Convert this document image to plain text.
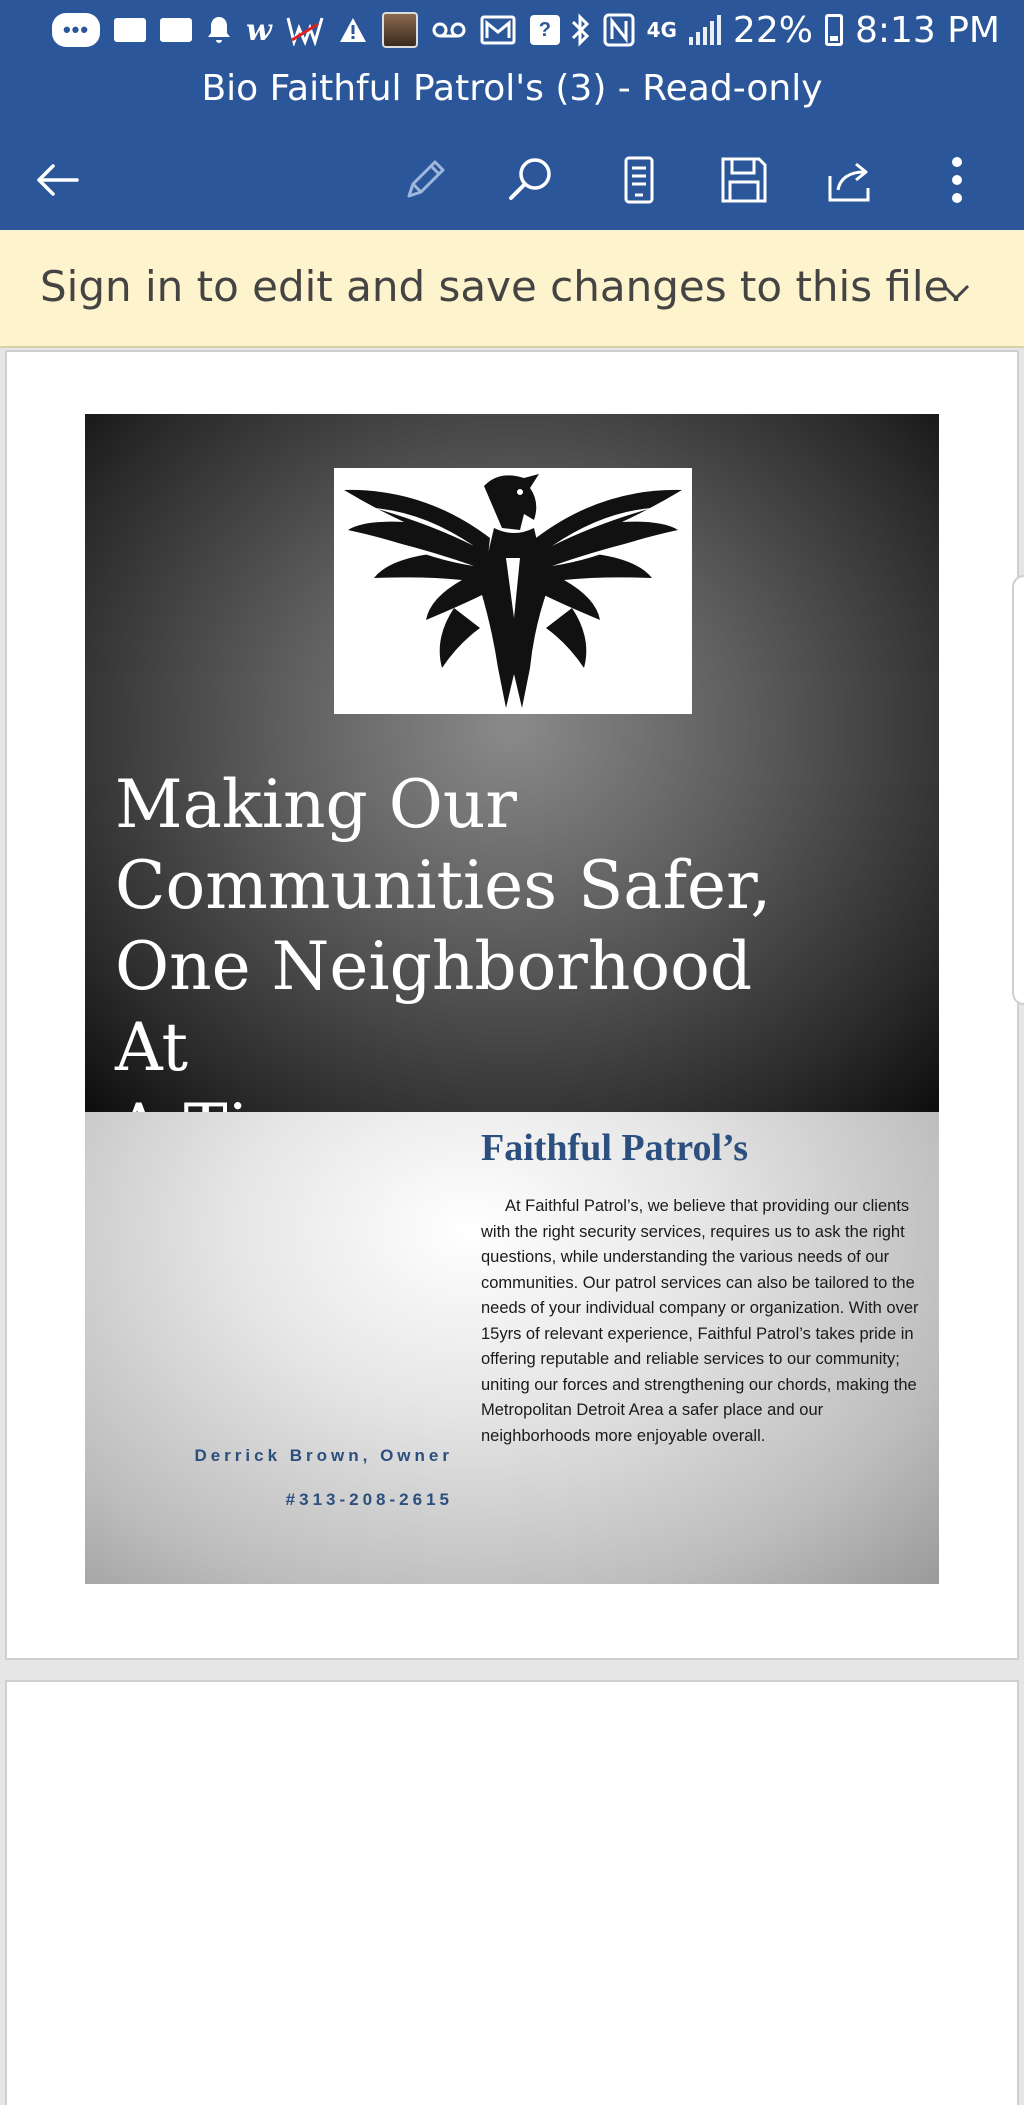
•••	w	?	4G 22% 8:13 PM
Bio Faithful Patrol's (3) - Read-only
Sign in to edit and save changes to this file.
Making Our
Communities Safer,
One Neighborhood At
Faithful Patrol’s
At Faithful Patrol’s, we believe that providing our clients with the right security services, requires us to ask the right questions, while understanding the various needs of our communities. Our patrol services can also be tailored to the needs of your individual company or organization. With over 15yrs of relevant experience, Faithful Patrol’s takes pride in offering reputable and reliable services to our community; uniting our forces and strengthening our chords, making the Metropolitan Detroit Area a safer place and our neighborhoods more enjoyable overall.
Derrick Brown, Owner
#313-208-2615
